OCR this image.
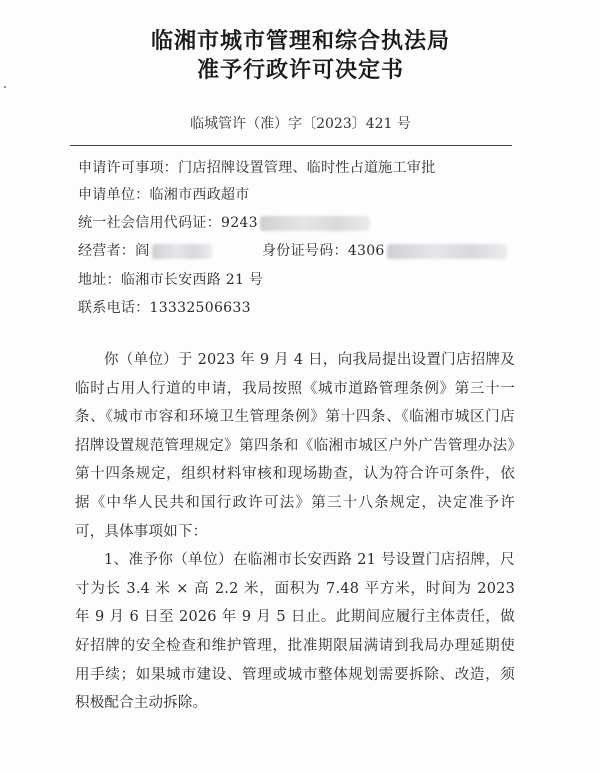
临湘市城市管理和综合执法局
准予行政许可决定书
临城管许（准）字〔2023〕421 号
申请许可事项：门店招牌设置管理、临时性占道施工审批
申请单位：临湘市西政超市
统一社会信用代码证：9243
经营者：阎	身份证号码：4306
地址：临湘市长安西路 21 号
联系电话：13332506633

你（单位）于 2023 年 9 月 4 日，向我局提出设置门店招牌及临时占用人行道的申请，我局按照《城市道路管理条例》第三十一条、《城市市容和环境卫生管理条例》第十四条、《临湘市城区门店招牌设置规范管理规定》第四条和《临湘市城区户外广告管理办法》第十四条规定，组织材料审核和现场勘查，认为符合许可条件，依据《中华人民共和国行政许可法》第三十八条规定，决定准予许可，具体事项如下：

1、准予你（单位）在临湘市长安西路 21 号设置门店招牌，尺寸为长 3.4 米 × 高 2.2 米，面积为 7.48 平方米，时间为 2023 年 9 月 6 日至 2026 年 9 月 5 日止。此期间应履行主体责任，做好招牌的安全检查和维护管理，批准期限届满请到我局办理延期使用手续；如果城市建设、管理或城市整体规划需要拆除、改造，须积极配合主动拆除。
